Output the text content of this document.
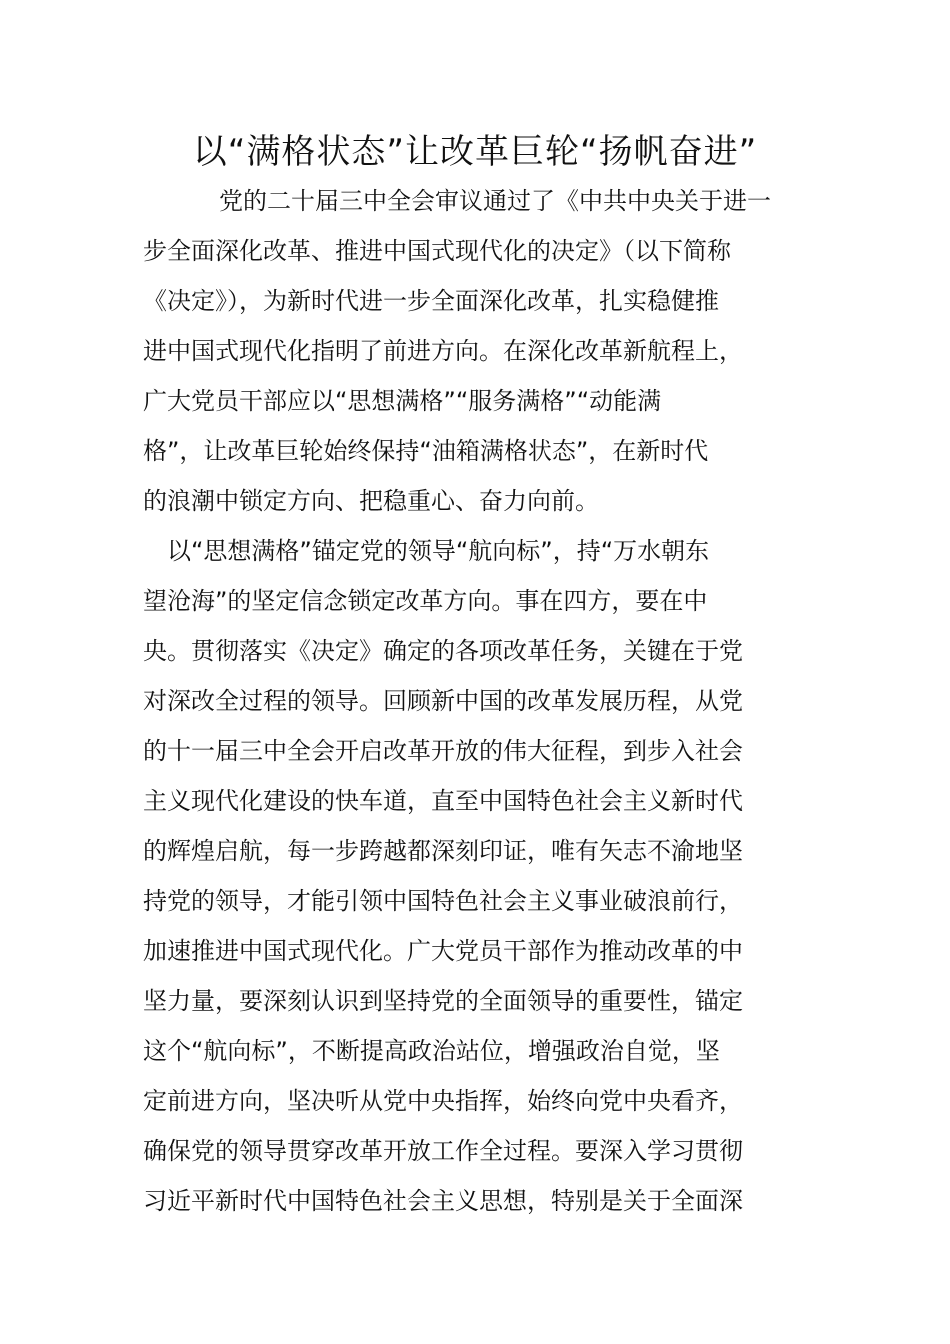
以“满格状态”让改革巨轮“扬帆奋进”
党的二十届三中全会审议通过了《中共中央关于进一
步全面深化改革、推进中国式现代化的决定》（以下简称
《决定》），为新时代进一步全面深化改革，扎实稳健推
进中国式现代化指明了前进方向。在深化改革新航程上，
广大党员干部应以“思想满格”“服务满格”“动能满
格”，让改革巨轮始终保持“油箱满格状态”，在新时代
的浪潮中锁定方向、把稳重心、奋力向前。
以“思想满格”锚定党的领导“航向标”，持“万水朝东
望沧海”的坚定信念锁定改革方向。事在四方，要在中
央。贯彻落实《决定》确定的各项改革任务，关键在于党
对深改全过程的领导。回顾新中国的改革发展历程，从党
的十一届三中全会开启改革开放的伟大征程，到步入社会
主义现代化建设的快车道，直至中国特色社会主义新时代
的辉煌启航，每一步跨越都深刻印证，唯有矢志不渝地坚
持党的领导，才能引领中国特色社会主义事业破浪前行，
加速推进中国式现代化。广大党员干部作为推动改革的中
坚力量，要深刻认识到坚持党的全面领导的重要性，锚定
这个“航向标”，不断提高政治站位，增强政治自觉，坚
定前进方向，坚决听从党中央指挥，始终向党中央看齐，
确保党的领导贯穿改革开放工作全过程。要深入学习贯彻
习近平新时代中国特色社会主义思想，特别是关于全面深
